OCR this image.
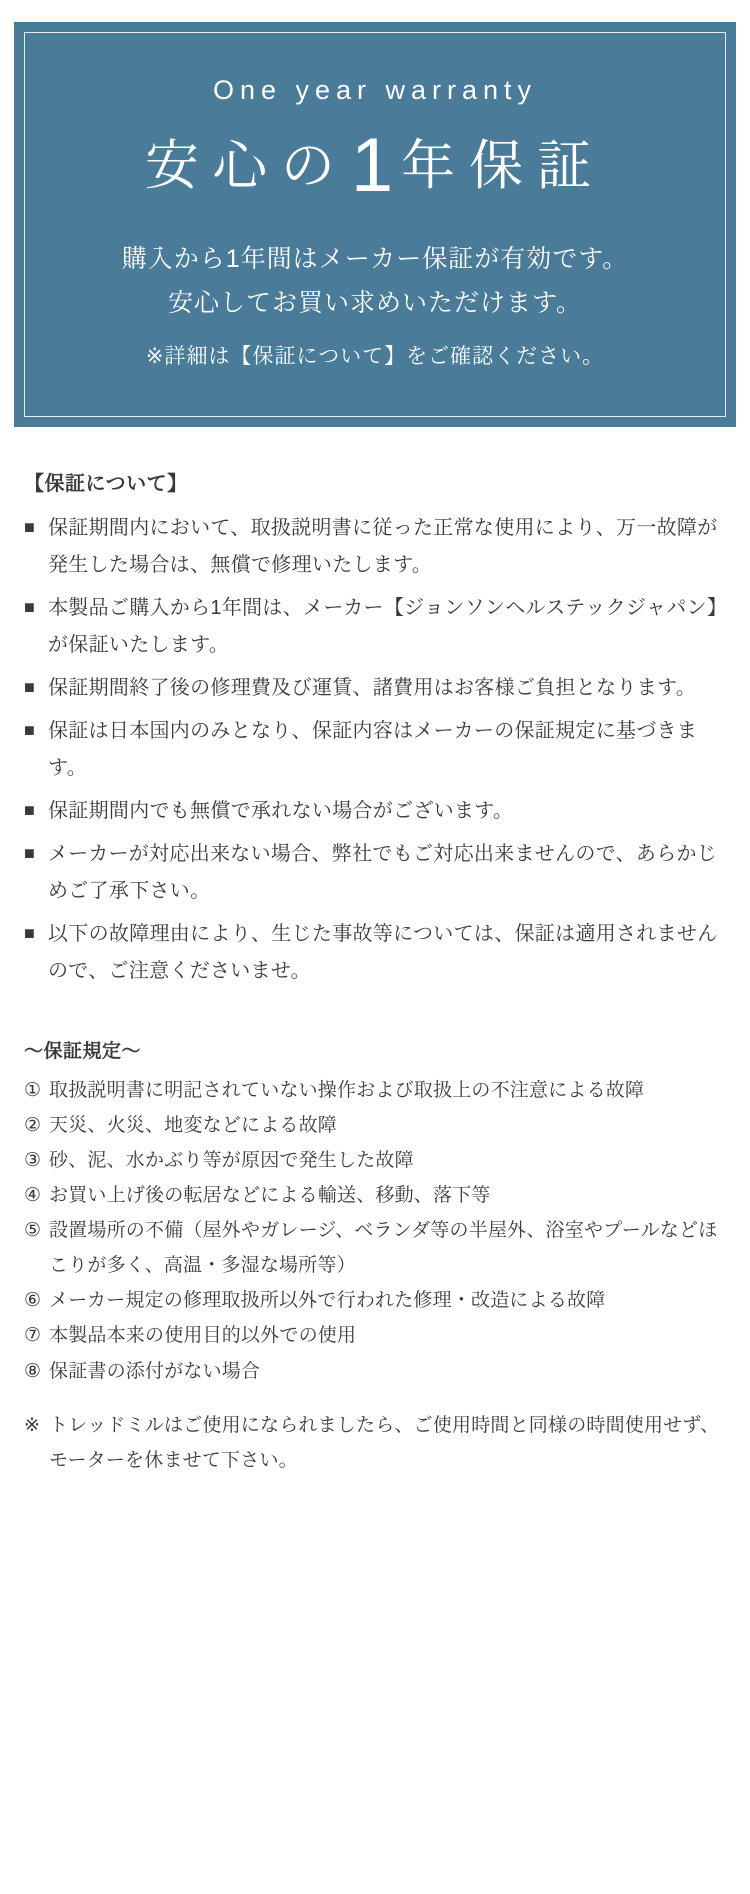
One year warranty
安心の1 年保証

購入から1年間はメーカー保証が有効です。
安心してお買い求めいただけます。

※詳細は【保証について】をご確認ください。

【保証について】
■ 保証期間内において、取扱説明書に従った正常な使用により、万一故障が発生した場合は、無償で修理いたします。
■ 本製品ご購入から1年間は、メーカー【ジョンソンヘルステックジャパン】が保証いたします。
■ 保証期間終了後の修理費及び運賃、諸費用はお客様ご負担となります。
■ 保証は日本国内のみとなり、保証内容はメーカーの保証規定に基づきます。
■ 保証期間内でも無償で承れない場合がございます。
■ メーカーが対応出来ない場合、弊社でもご対応出来ませんので、あらかじめご了承下さい。
■ 以下の故障理由により、生じた事故等については、保証は適用されませんので、ご注意くださいませ。
〜保証規定〜
① 取扱説明書に明記されていない操作および取扱上の不注意による故障
② 天災、火災、地変などによる故障
③ 砂、泥、水かぶり等が原因で発生した故障
④ お買い上げ後の転居などによる輸送、移動、落下等
⑤ 設置場所の不備（屋外やガレージ、ベランダ等の半屋外、浴室やプールなどほこりが多く、高温・多湿な場所等）
⑥ メーカー規定の修理取扱所以外で行われた修理・改造による故障
⑦ 本製品本来の使用目的以外での使用
⑧ 保証書の添付がない場合

※ トレッドミルはご使用になられましたら、ご使用時間と同様の時間使用せず、モーターを休ませて下さい。
